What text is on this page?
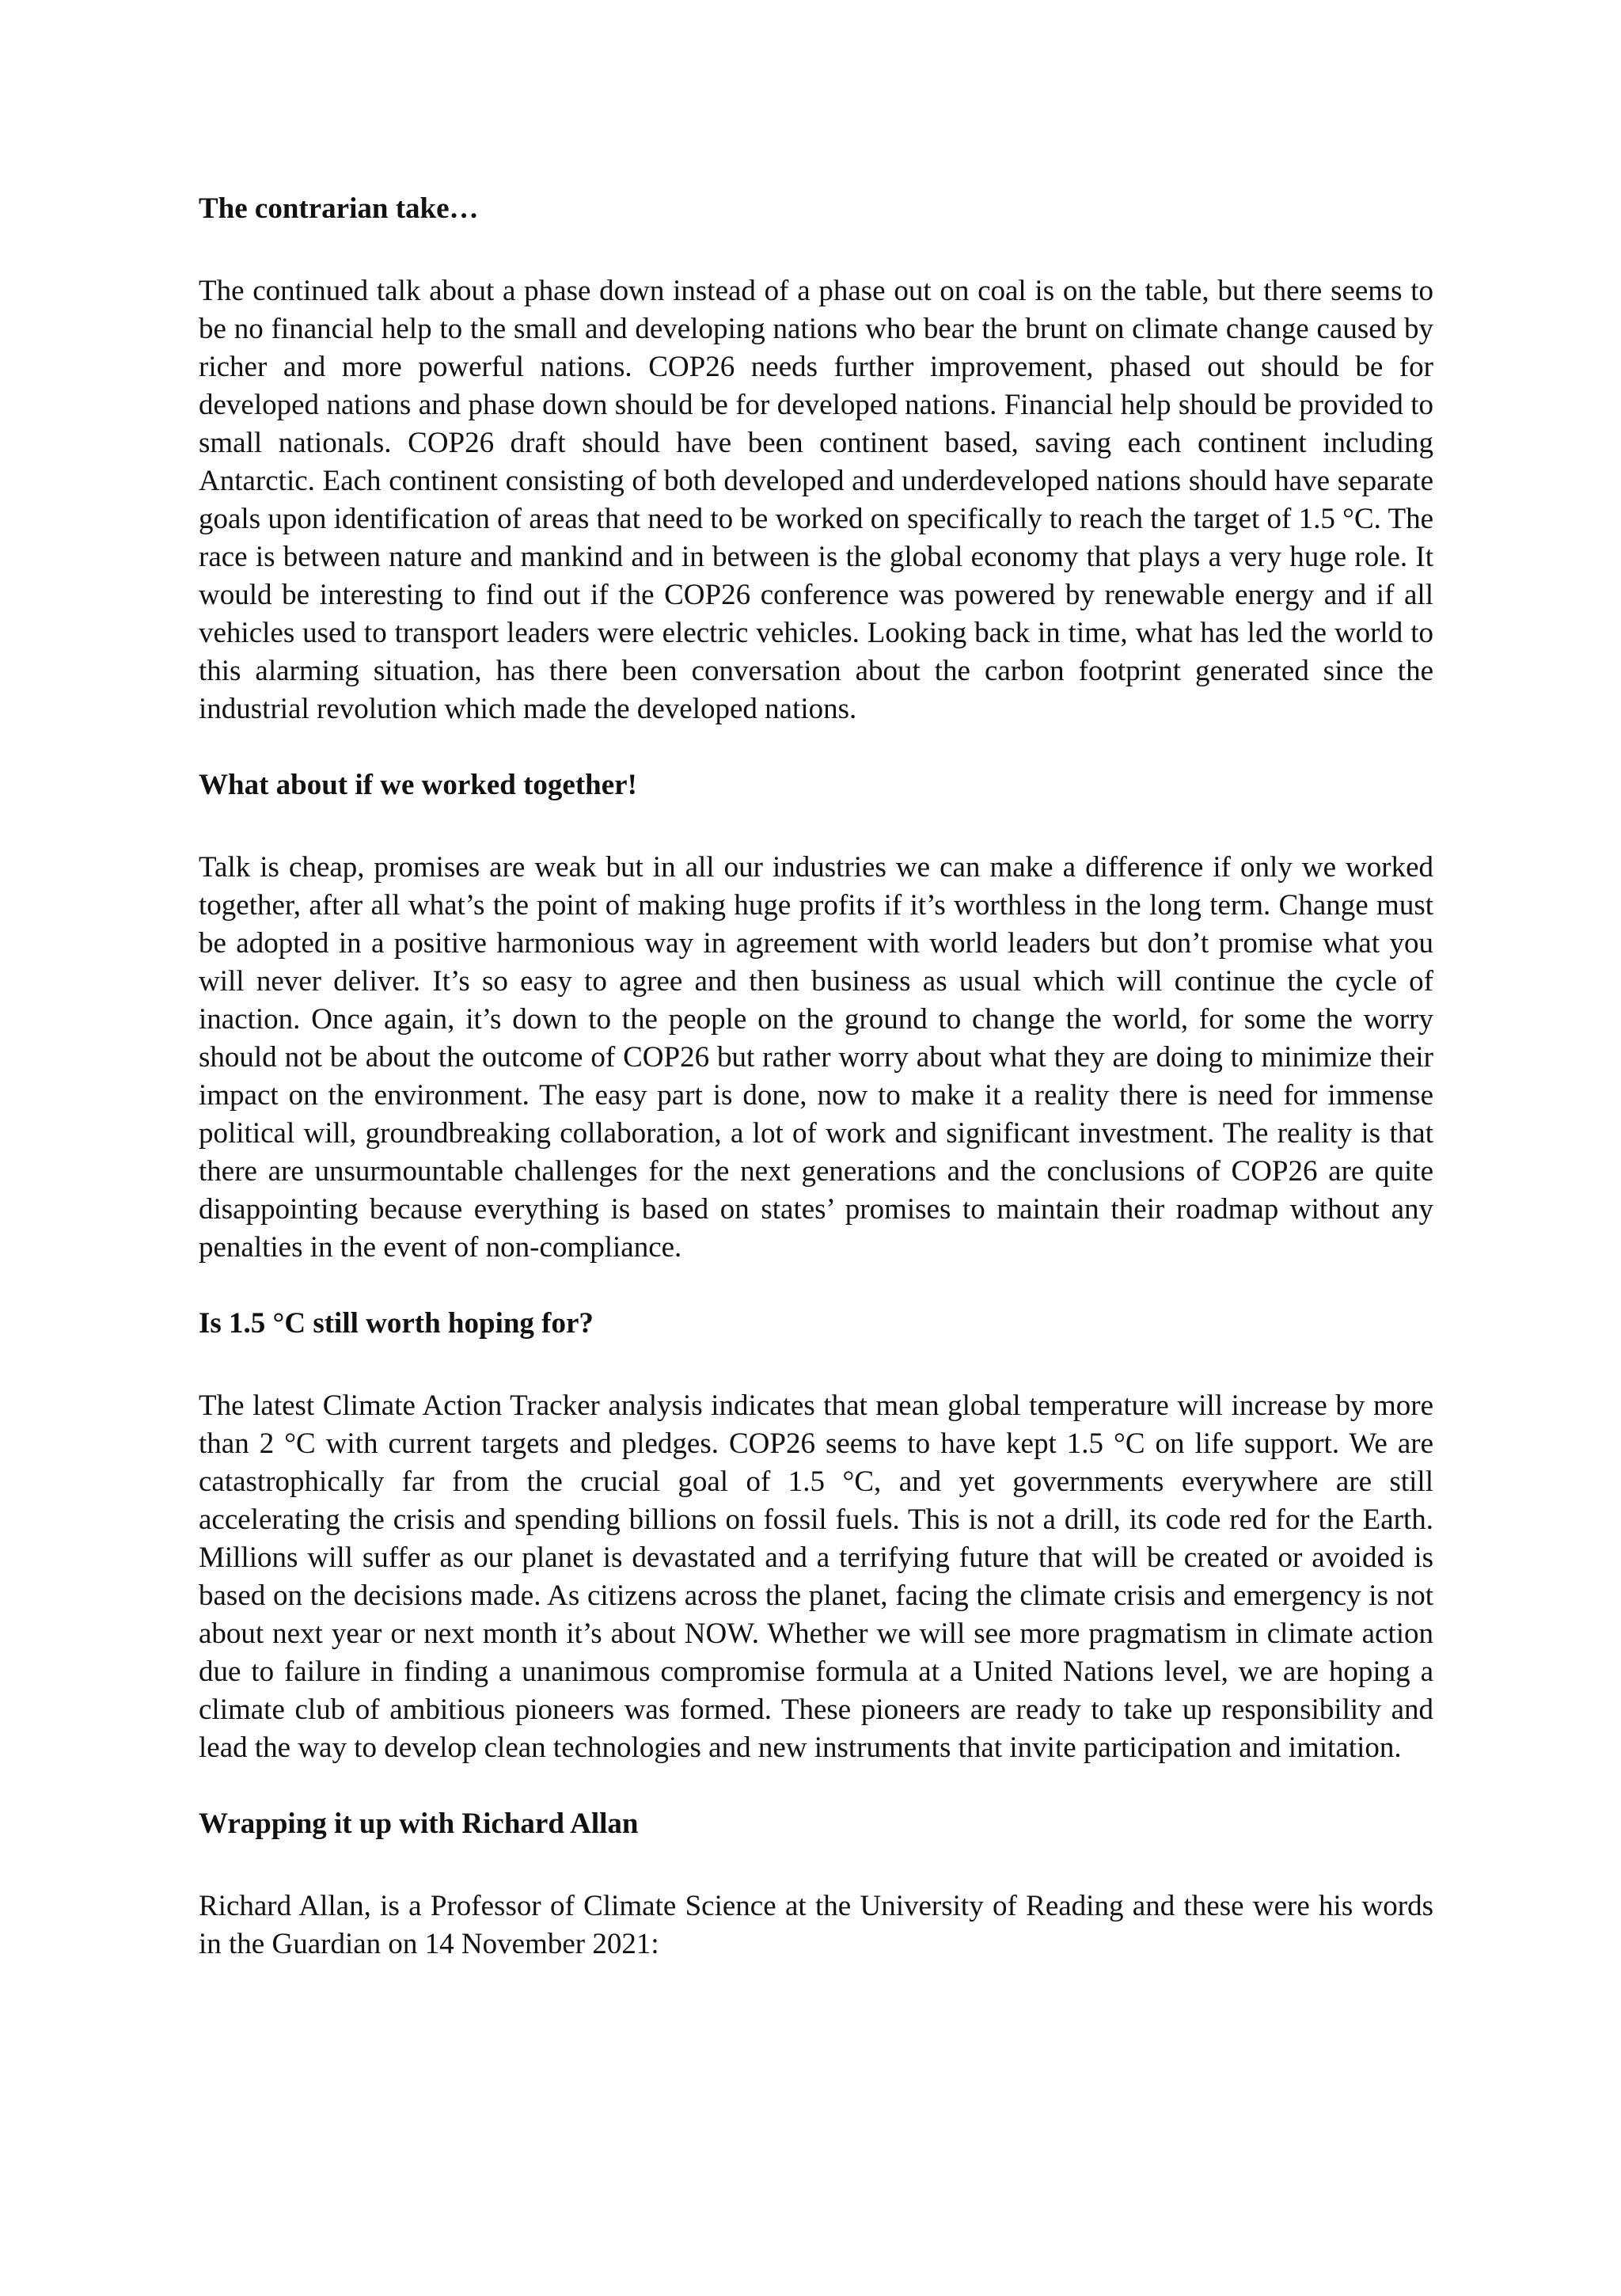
The contrarian take…

The continued talk about a phase down instead of a phase out on coal is on the table, but there seems to be no financial help to the small and developing nations who bear the brunt on climate change caused by richer and more powerful nations. COP26 needs further improvement, phased out should be for developed nations and phase down should be for developed nations. Financial help should be provided to small nationals. COP26 draft should have been continent based, saving each continent including Antarctic. Each continent consisting of both developed and underdeveloped nations should have separate goals upon identification of areas that need to be worked on specifically to reach the target of 1.5 °C. The race is between nature and mankind and in between is the global economy that plays a very huge role. It would be interesting to find out if the COP26 conference was powered by renewable energy and if all vehicles used to transport leaders were electric vehicles. Looking back in time, what has led the world to this alarming situation, has there been conversation about the carbon footprint generated since the industrial revolution which made the developed nations.

What about if we worked together!

Talk is cheap, promises are weak but in all our industries we can make a difference if only we worked together, after all what’s the point of making huge profits if it’s worthless in the long term. Change must be adopted in a positive harmonious way in agreement with world leaders but don’t promise what you will never deliver. It’s so easy to agree and then business as usual which will continue the cycle of inaction. Once again, it’s down to the people on the ground to change the world, for some the worry should not be about the outcome of COP26 but rather worry about what they are doing to minimize their impact on the environment. The easy part is done, now to make it a reality there is need for immense political will, groundbreaking collaboration, a lot of work and significant investment. The reality is that there are unsurmountable challenges for the next generations and the conclusions of COP26 are quite disappointing because everything is based on states’ promises to maintain their roadmap without any penalties in the event of non-compliance.

Is 1.5 °C still worth hoping for?

The latest Climate Action Tracker analysis indicates that mean global temperature will increase by more than 2 °C with current targets and pledges. COP26 seems to have kept 1.5 °C on life support. We are catastrophically far from the crucial goal of 1.5 °C, and yet governments everywhere are still accelerating the crisis and spending billions on fossil fuels. This is not a drill, its code red for the Earth. Millions will suffer as our planet is devastated and a terrifying future that will be created or avoided is based on the decisions made. As citizens across the planet, facing the climate crisis and emergency is not about next year or next month it’s about NOW. Whether we will see more pragmatism in climate action due to failure in finding a unanimous compromise formula at a United Nations level, we are hoping a climate club of ambitious pioneers was formed. These pioneers are ready to take up responsibility and lead the way to develop clean technologies and new instruments that invite participation and imitation.

Wrapping it up with Richard Allan

Richard Allan, is a Professor of Climate Science at the University of Reading and these were his words in the Guardian on 14 November 2021:
